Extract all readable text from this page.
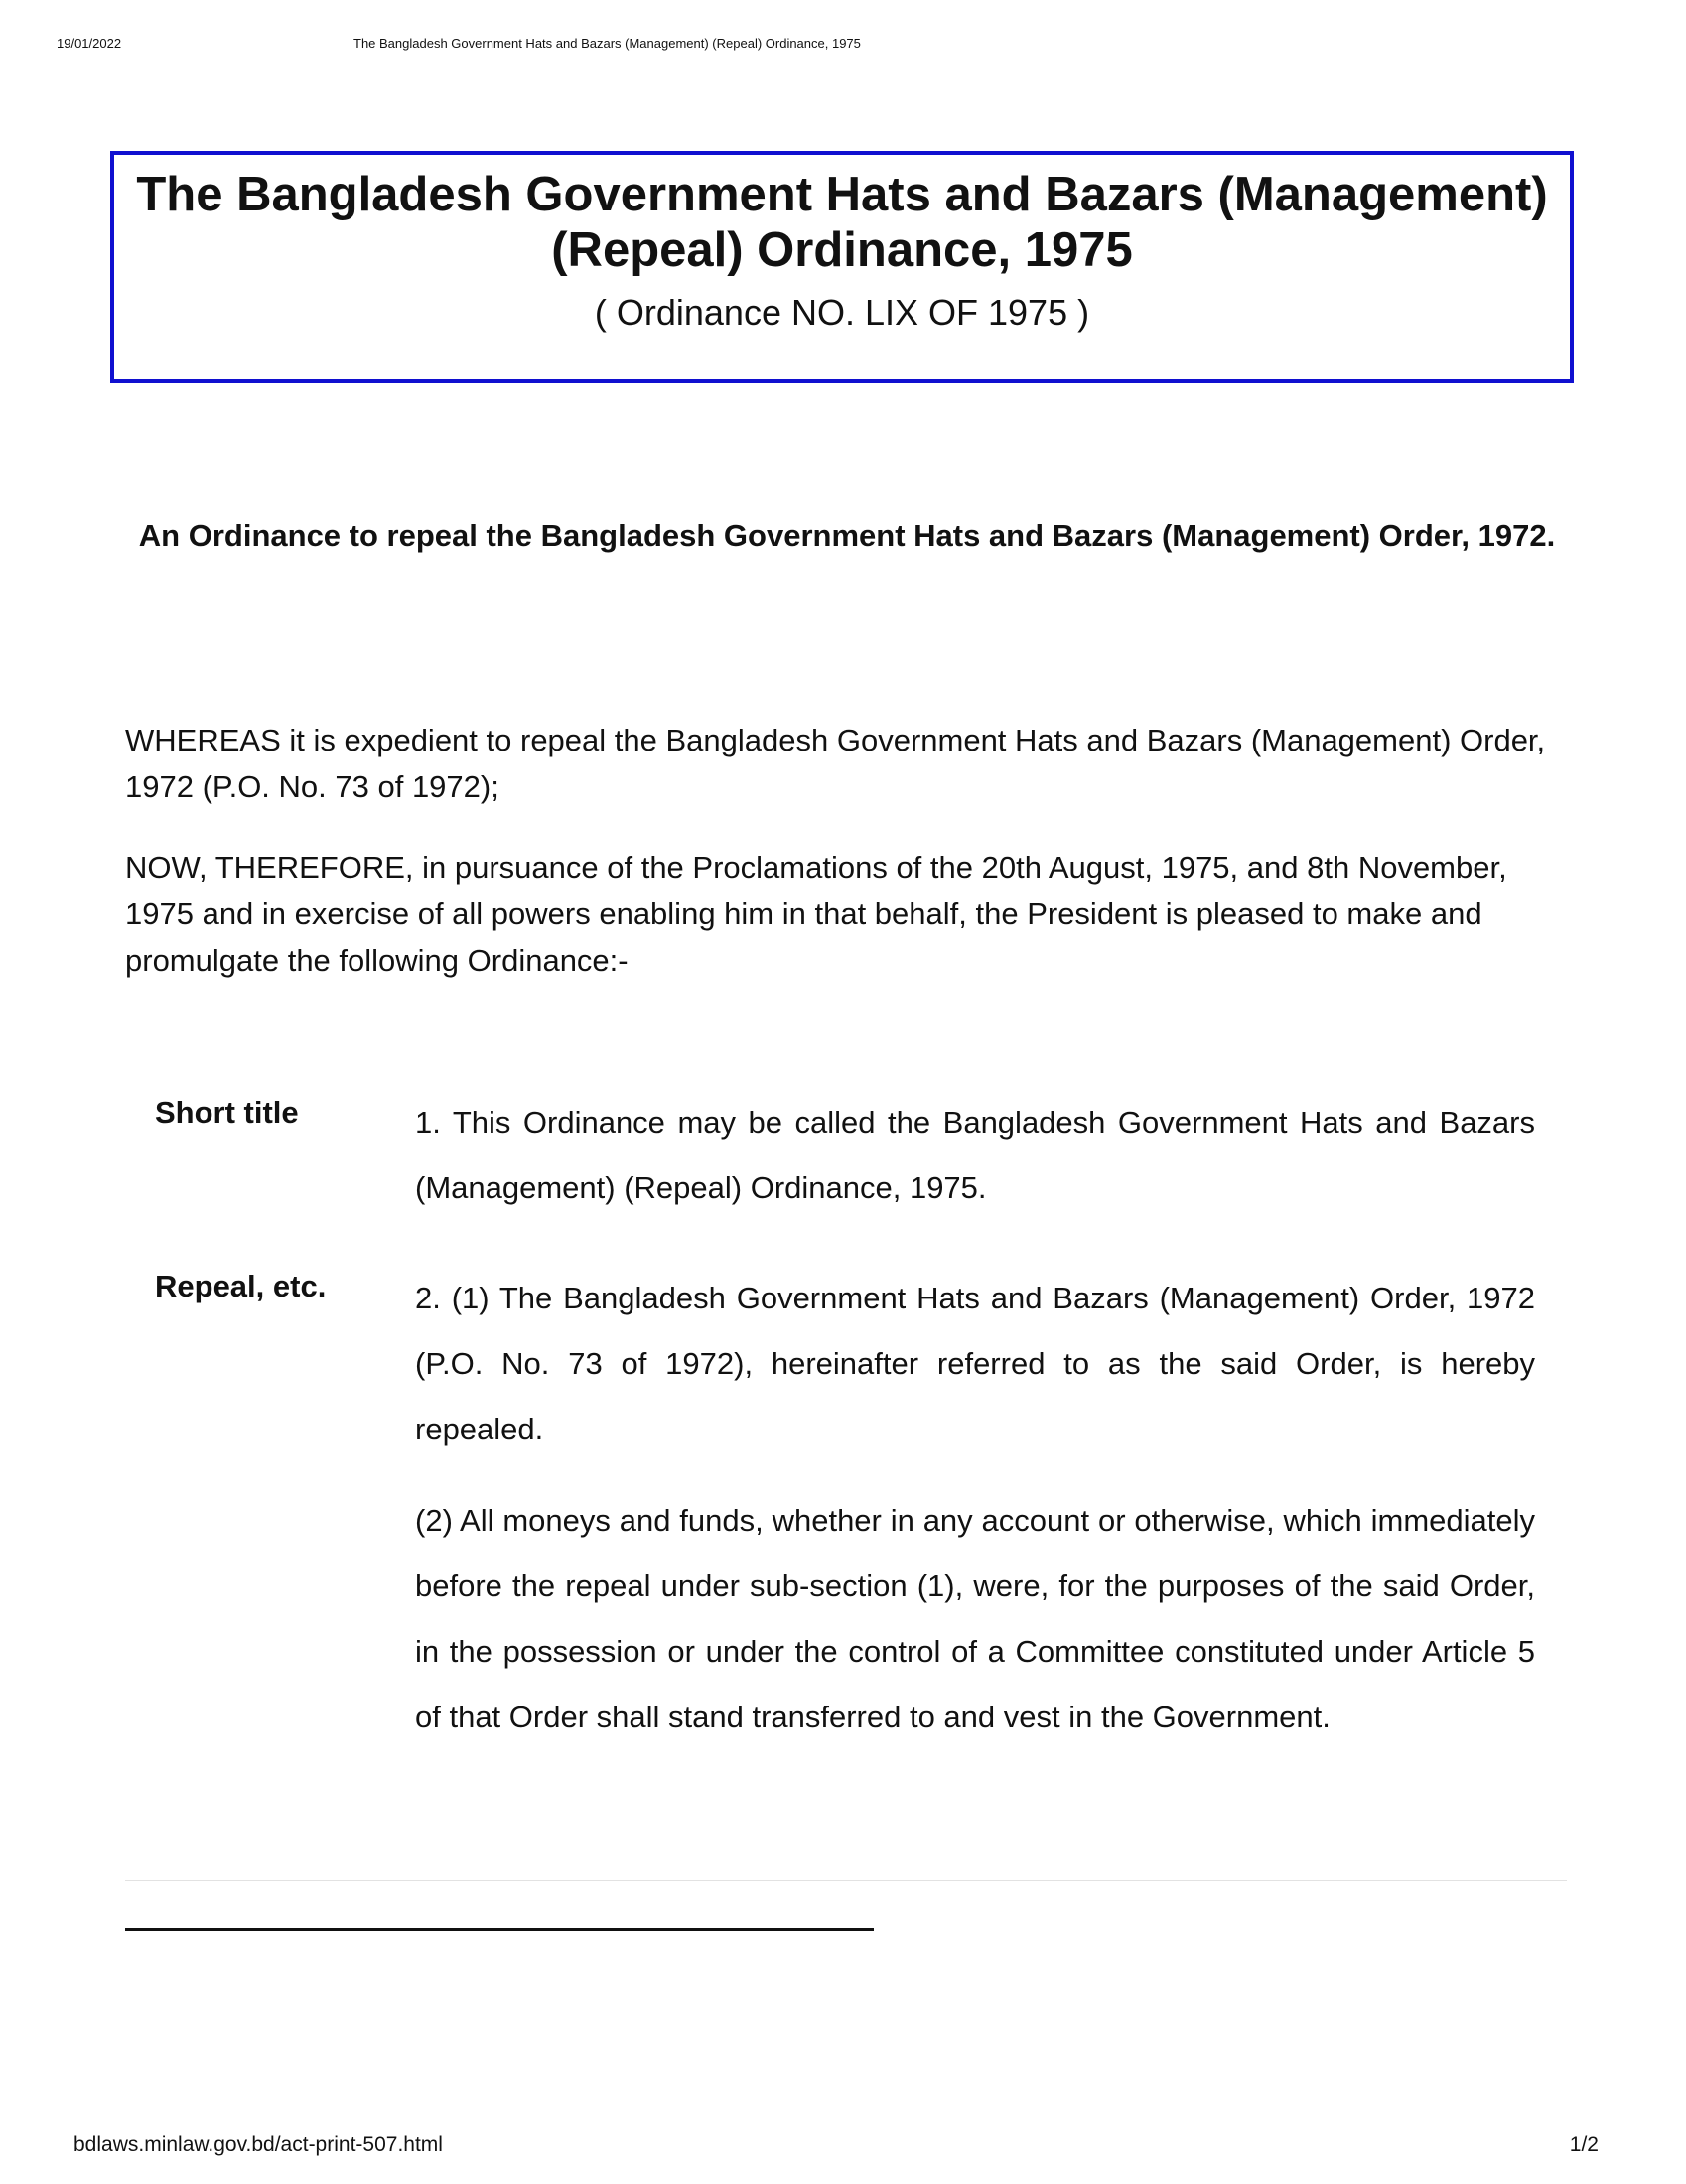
19/01/2022	The Bangladesh Government Hats and Bazars (Management) (Repeal) Ordinance, 1975
The Bangladesh Government Hats and Bazars (Management) (Repeal) Ordinance, 1975
( Ordinance NO. LIX OF 1975 )
An Ordinance to repeal the Bangladesh Government Hats and Bazars (Management) Order, 1972.
WHEREAS it is expedient to repeal the Bangladesh Government Hats and Bazars (Management) Order, 1972 (P.O. No. 73 of 1972);
NOW, THEREFORE, in pursuance of the Proclamations of the 20th August, 1975, and 8th November, 1975 and in exercise of all powers enabling him in that behalf, the President is pleased to make and promulgate the following Ordinance:-
Short title	1. This Ordinance may be called the Bangladesh Government Hats and Bazars (Management) (Repeal) Ordinance, 1975.
Repeal, etc.	2. (1) The Bangladesh Government Hats and Bazars (Management) Order, 1972 (P.O. No. 73 of 1972), hereinafter referred to as the said Order, is hereby repealed.
(2) All moneys and funds, whether in any account or otherwise, which immediately before the repeal under sub-section (1), were, for the purposes of the said Order, in the possession or under the control of a Committee constituted under Article 5 of that Order shall stand transferred to and vest in the Government.
bdlaws.minlaw.gov.bd/act-print-507.html	1/2
